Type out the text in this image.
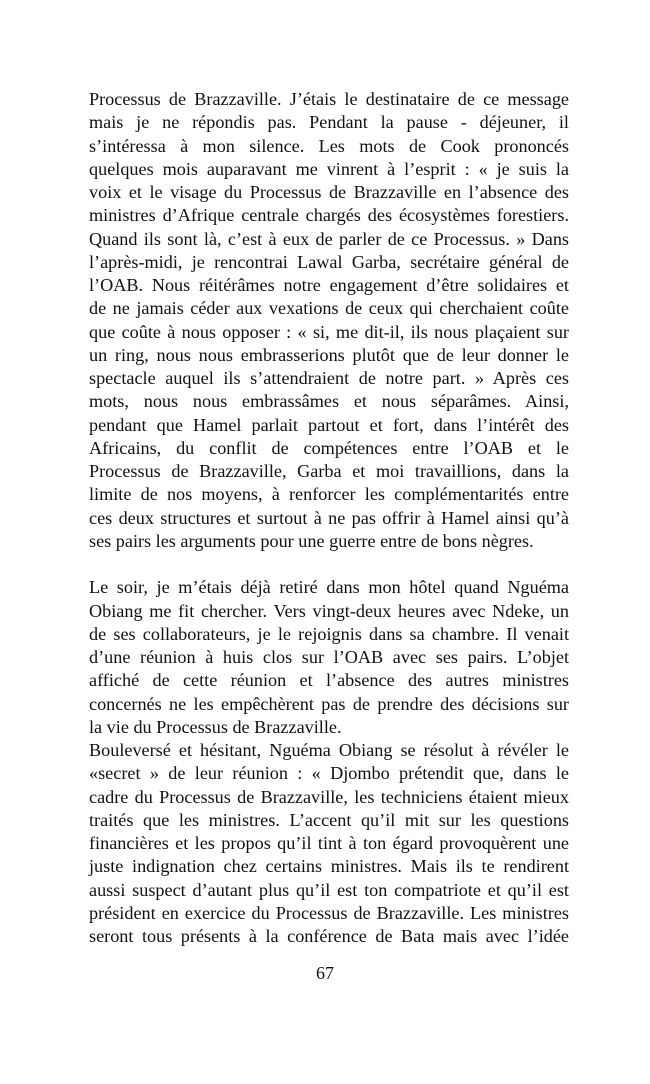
Processus de Brazzaville. J’étais le destinataire de ce message
mais je ne répondis pas. Pendant la pause - déjeuner, il
s’intéressa à mon silence. Les mots de Cook prononcés
quelques mois auparavant me vinrent à l’esprit : « je suis la
voix et le visage du Processus de Brazzaville en l’absence des
ministres d’Afrique centrale chargés des écosystèmes forestiers.
Quand ils sont là, c’est à eux de parler de ce Processus. » Dans
l’après-midi, je rencontrai Lawal Garba, secrétaire général de
l’OAB. Nous réitérâmes notre engagement d’être solidaires et
de ne jamais céder aux vexations de ceux qui cherchaient coûte
que coûte à nous opposer : « si, me dit-il, ils nous plaçaient sur
un ring, nous nous embrasserions plutôt que de leur donner le
spectacle auquel ils s’attendraient de notre part. » Après ces
mots, nous nous embrassâmes et nous séparâmes. Ainsi,
pendant que Hamel parlait partout et fort, dans l’intérêt des
Africains, du conflit de compétences entre l’OAB et le
Processus de Brazzaville, Garba et moi travaillions, dans la
limite de nos moyens, à renforcer les complémentarités entre
ces deux structures et surtout à ne pas offrir à Hamel ainsi qu’à
ses pairs les arguments pour une guerre entre de bons nègres.
Le soir, je m’étais déjà retiré dans mon hôtel quand Nguéma
Obiang me fit chercher. Vers vingt-deux heures avec Ndeke, un
de ses collaborateurs, je le rejoignis dans sa chambre. Il venait
d’une réunion à huis clos sur l’OAB avec ses pairs. L’objet
affiché de cette réunion et l’absence des autres ministres
concernés ne les empêchèrent pas de prendre des décisions sur
la vie du Processus de Brazzaville.
Bouleversé et hésitant, Nguéma Obiang se résolut à révéler le
«secret » de leur réunion : « Djombo prétendit que, dans le
cadre du Processus de Brazzaville, les techniciens étaient mieux
traités que les ministres. L’accent qu’il mit sur les questions
financières et les propos qu’il tint à ton égard provoquèrent une
juste indignation chez certains ministres. Mais ils te rendirent
aussi suspect d’autant plus qu’il est ton compatriote et qu’il est
président en exercice du Processus de Brazzaville. Les ministres
seront tous présents à la conférence de Bata mais avec l’idée
67
